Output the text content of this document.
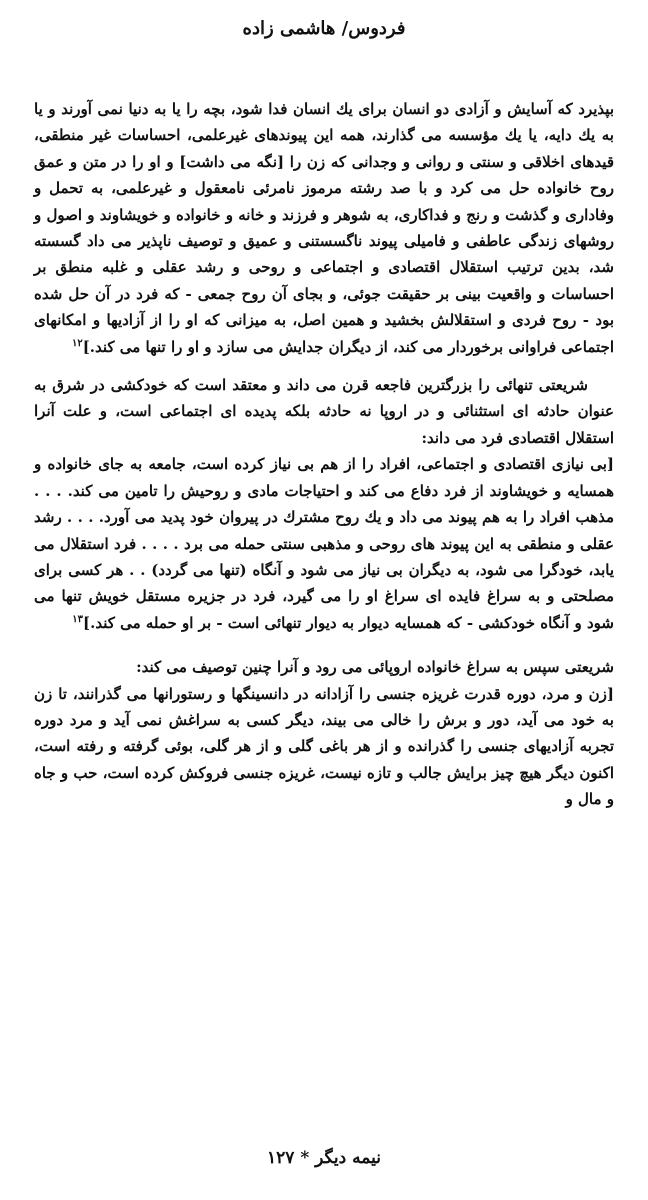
فردوس/ هاشمی زاده

بپذیرد که آسایش و آزادی دو انسان برای یك انسان فدا شود، بچه را یا به دنیا نمی آورند و یا به یك دایه، یا یك مؤسسه می گذارند، همه این پیوندهای غیرعلمی، احساسات غیر منطقی، قیدهای اخلاقی و سنتی و روانی و وجدانی که زن را [نگه می داشت] و او را در متن و عمق روح خانواده حل می کرد و با صد رشته مرموز نامرئی نامعقول و غیرعلمی، به تحمل و وفاداری و گذشت و رنج و فداکاری، به شوهر و فرزند و خانه و خانواده و خویشاوند و اصول و روشهای زندگی عاطفی و فامیلی پیوند ناگسستنی و عمیق و توصیف ناپذیر می داد گسسته شد، بدین ترتیب استقلال اقتصادی و اجتماعی و روحی و رشد عقلی و غلبه منطق بر احساسات و واقعیت بینی بر حقیقت جوئی، و بجای آن روح جمعی - که فرد در آن حل شده بود - روح فردی و استقلالش بخشید و همین اصل، به میزانی که او را از آزادیها و امکانهای اجتماعی فراوانی برخوردار می کند، از دیگران جدایش می سازد و او را تنها می کند.]$^{١٢}$

شریعتی تنهائی را بزرگترین فاجعه قرن می داند و معتقد است که خودکشی در شرق به عنوان حادثه ای استثنائی و در اروپا نه حادثه بلکه پدیده ای اجتماعی است، و علت آنرا استقلال اقتصادی فرد می داند:

[بی نیازی اقتصادی و اجتماعی، افراد را از هم بی نیاز کرده است، جامعه به جای خانواده و همسایه و خویشاوند از فرد دفاع می کند و احتیاجات مادی و روحیش را تامین می کند. . . . مذهب افراد را به هم پیوند می داد و یك روح مشترك در پیروان خود پدید می آورد. . . . رشد عقلی و منطقی به این پیوند های روحی و مذهبی سنتی حمله می برد . . . . فرد استقلال می یابد، خودگرا می شود، به دیگران بی نیاز می شود و آنگاه (تنها می گردد) . . هر کسی برای مصلحتی و به سراغ فایده ای سراغ او را می گیرد، فرد در جزیره مستقل خویش تنها می شود و آنگاه خودکشی - که همسایه دیوار به دیوار تنهائی است - بر او حمله می کند.]$^{١٣}$

شریعتی سپس به سراغ خانواده اروپائی می رود و آنرا چنین توصیف می کند:

[زن و مرد، دوره قدرت غریزه جنسی را آزادانه در دانسینگها و رستورانها می گذرانند، تا زن به خود می آید، دور و برش را خالی می بیند، دیگر کسی به سراغش نمی آید و مرد دوره تجربه آزادیهای جنسی را گذرانده و از هر باغی گلی و از هر گلی، بوئی گرفته و رفته است، اکنون دیگر هیچ چیز برایش جالب و تازه نیست، غریزه جنسی فروکش کرده است، حب و جاه و مال و

نیمه دیگر * ١٢٧
